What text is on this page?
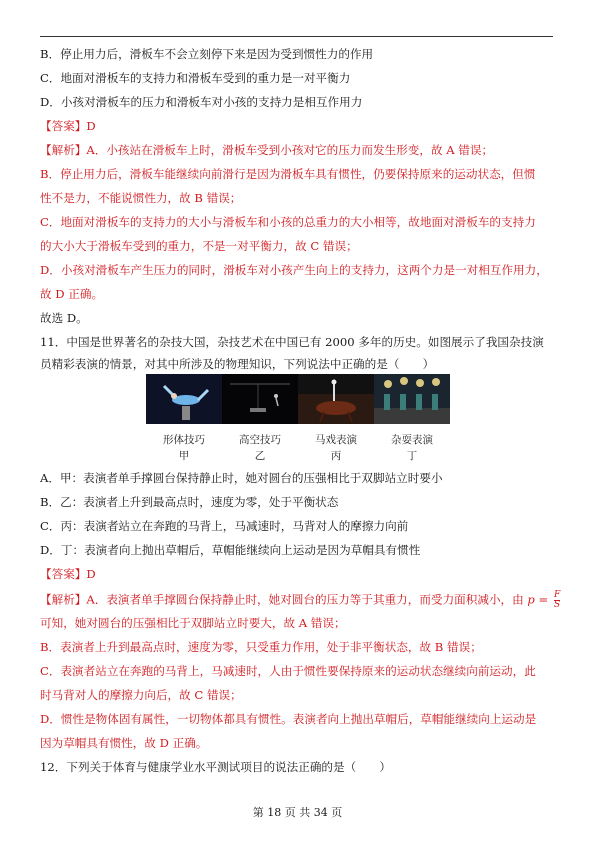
B．停止用力后，滑板车不会立刻停下来是因为受到惯性力的作用
C．地面对滑板车的支持力和滑板车受到的重力是一对平衡力
D．小孩对滑板车的压力和滑板车对小孩的支持力是相互作用力
【答案】D
【解析】A．小孩站在滑板车上时，滑板车受到小孩对它的压力而发生形变，故 A 错误；
B．停止用力后，滑板车能继续向前滑行是因为滑板车具有惯性，仍要保持原来的运动状态，但惯
性不是力，不能说惯性力，故 B 错误；
C．地面对滑板车的支持力的大小与滑板车和小孩的总重力的大小相等，故地面对滑板车的支持力
的大小大于滑板车受到的重力，不是一对平衡力，故 C 错误；
D．小孩对滑板车产生压力的同时，滑板车对小孩产生向上的支持力，这两个力是一对相互作用力，
故 D 正确。
故选 D。
11．中国是世界著名的杂技大国，杂技艺术在中国已有 2000 多年的历史。如图展示了我国杂技演
员精彩表演的情景，对其中所涉及的物理知识，下列说法中正确的是（　　）
形体技巧
甲
高空技巧
乙
马戏表演
丙
杂耍表演
丁
A．甲：表演者单手撑圆台保持静止时，她对圆台的压强相比于双脚站立时要小
B．乙：表演者上升到最高点时，速度为零，处于平衡状态
C．丙：表演者站立在奔跑的马背上，马减速时，马背对人的摩擦力向前
D．丁：表演者向上抛出草帽后，草帽能继续向上运动是因为草帽具有惯性
【答案】D
【解析】A．表演者单手撑圆台保持静止时，她对圆台的压力等于其重力，而受力面积减小，由 $p = \frac{F}{S}$
可知，她对圆台的压强相比于双脚站立时要大，故 A 错误；
B．表演者上升到最高点时，速度为零，只受重力作用，处于非平衡状态，故 B 错误；
C．表演者站立在奔跑的马背上，马减速时，人由于惯性要保持原来的运动状态继续向前运动，此
时马背对人的摩擦力向后，故 C 错误；
D．惯性是物体固有属性，一切物体都具有惯性。表演者向上抛出草帽后，草帽能继续向上运动是
因为草帽具有惯性，故 D 正确。
12．下列关于体育与健康学业水平测试项目的说法正确的是（　　）
第 18 页 共 34 页
